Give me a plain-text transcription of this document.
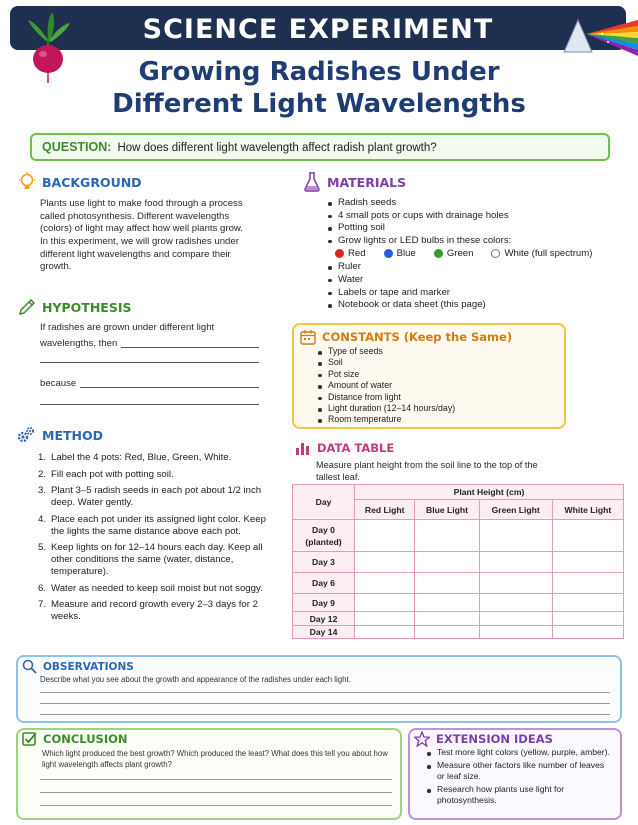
SCIENCE EXPERIMENT
Growing Radishes Under
Different Light Wavelengths
QUESTION: How does different light wavelength affect radish plant growth?
BACKGROUND
Plants use light to make food through a process called photosynthesis. Different wavelengths (colors) of light may affect how well plants grow.
In this experiment, we will grow radishes under different light wavelengths and compare their growth.
MATERIALS
Radish seeds
4 small pots or cups with drainage holes
Potting soil
Grow lights or LED bulbs in these colors:
Red	Blue	Green	White (full spectrum)
Ruler
Water
Labels or tape and marker
Notebook or data sheet (this page)
HYPOTHESIS
If radishes are grown under different light
wavelengths, then
because
CONSTANTS (Keep the Same)
Type of seeds
Soil
Pot size
Amount of water
Distance from light
Light duration (12–14 hours/day)
Room temperature
METHOD
1. Label the 4 pots: Red, Blue, Green, White.
2. Fill each pot with potting soil.
3. Plant 3–5 radish seeds in each pot about 1/2 inch deep. Water gently.
4. Place each pot under its assigned light color. Keep the lights the same distance above each pot.
5. Keep lights on for 12–14 hours each day. Keep all other conditions the same (water, distance, temperature).
6. Water as needed to keep soil moist but not soggy.
7. Measure and record growth every 2–3 days for 2 weeks.
DATA TABLE
Measure plant height from the soil line to the top of the tallest leaf.
Day	Plant Height (cm)			
	Red Light	Blue Light	Green Light	White Light
Day 0
(planted)				
Day 3				
Day 6				
Day 9				
Day 12				
Day 14				
OBSERVATIONS
Describe what you see about the growth and appearance of the radishes under each light.
CONCLUSION
Which light produced the best growth? Which produced the least? What does this tell you about how light wavelength affects plant growth?
EXTENSION IDEAS
Test more light colors (yellow, purple, amber).
Measure other factors like number of leaves or leaf size.
Research how plants use light for photosynthesis.
